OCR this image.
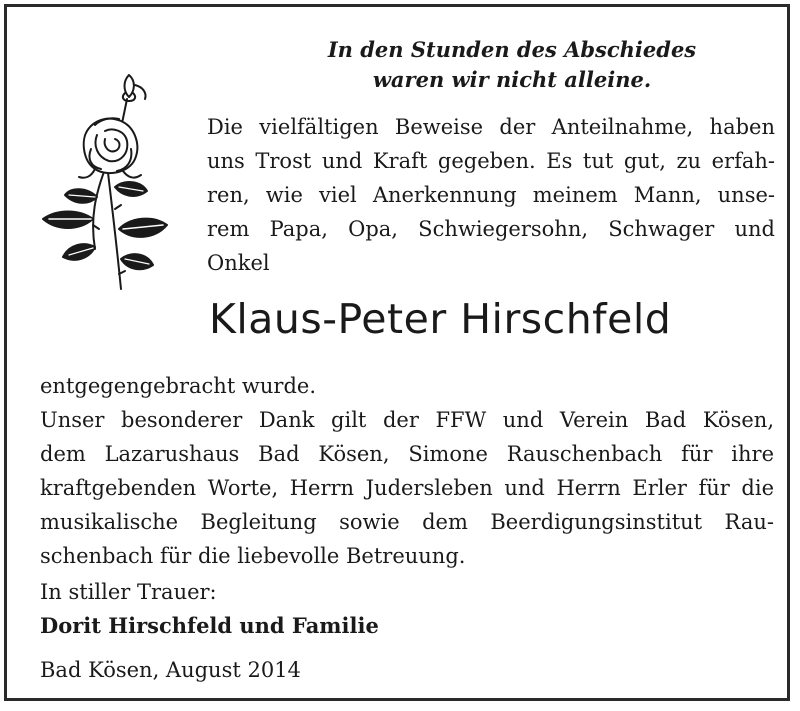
In den Stunden des Abschiedes
waren wir nicht alleine.
Die vielfältigen Beweise der Anteilnahme, haben
uns Trost und Kraft gegeben. Es tut gut, zu erfah-
ren, wie viel Anerkennung meinem Mann, unse-
rem Papa, Opa, Schwiegersohn, Schwager und
Onkel
Klaus-Peter Hirschfeld
entgegengebracht wurde.
Unser besonderer Dank gilt der FFW und Verein Bad Kösen,
dem Lazarushaus Bad Kösen, Simone Rauschenbach für ihre
kraftgebenden Worte, Herrn Judersleben und Herrn Erler für die
musikalische Begleitung sowie dem Beerdigungsinstitut Rau-
schenbach für die liebevolle Betreuung.
In stiller Trauer:
Dorit Hirschfeld und Familie
Bad Kösen, August 2014
